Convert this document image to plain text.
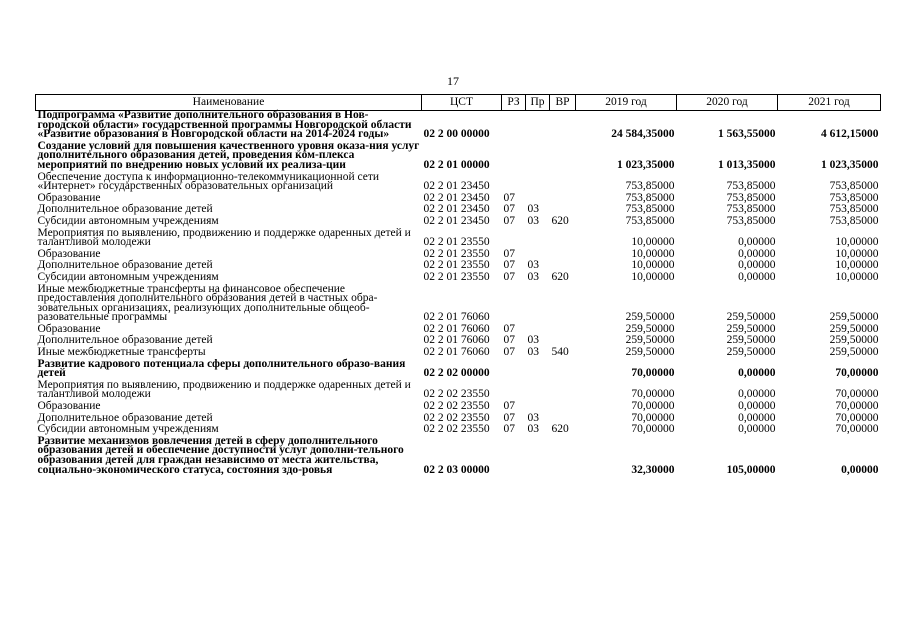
17
Наименование	ЦСТ	РЗ	Пр	ВР	2019 год	2020 год	2021 год
Подпрограмма «Развитие дополнительного образования в Нов-городской области» государственной программы Новгородской области «Развитие образования в Новгородской области на 2014-2024 годы»	02 2 00 00000				24 584,35000	1 563,55000	4 612,15000
Создание условий для повышения качественного уровня оказа-ния услуг дополнительного образования детей, проведения ком-плекса мероприятий по внедрению новых условий их реализа-ции	02 2 01 00000				1 023,35000	1 013,35000	1 023,35000
Обеспечение доступа к информационно-телекоммуникационной сети «Интернет» государственных образовательных организаций	02 2 01 23450				753,85000	753,85000	753,85000
Образование	02 2 01 23450	07			753,85000	753,85000	753,85000
Дополнительное образование детей	02 2 01 23450	07	03		753,85000	753,85000	753,85000
Субсидии автономным учреждениям	02 2 01 23450	07	03	620	753,85000	753,85000	753,85000
Мероприятия по выявлению, продвижению и поддержке одаренных детей и талантливой молодежи	02 2 01 23550				10,00000	0,00000	10,00000
Образование	02 2 01 23550	07			10,00000	0,00000	10,00000
Дополнительное образование детей	02 2 01 23550	07	03		10,00000	0,00000	10,00000
Субсидии автономным учреждениям	02 2 01 23550	07	03	620	10,00000	0,00000	10,00000
Иные межбюджетные трансферты на финансовое обеспечение предоставления дополнительного образования детей в частных обра-зовательных организациях, реализующих дополнительные общеоб-разовательные программы	02 2 01 76060				259,50000	259,50000	259,50000
Образование	02 2 01 76060	07			259,50000	259,50000	259,50000
Дополнительное образование детей	02 2 01 76060	07	03		259,50000	259,50000	259,50000
Иные межбюджетные трансферты	02 2 01 76060	07	03	540	259,50000	259,50000	259,50000
Развитие кадрового потенциала сферы дополнительного образо-вания детей	02 2 02 00000				70,00000	0,00000	70,00000
Мероприятия по выявлению, продвижению и поддержке одаренных детей и талантливой молодежи	02 2 02 23550				70,00000	0,00000	70,00000
Образование	02 2 02 23550	07			70,00000	0,00000	70,00000
Дополнительное образование детей	02 2 02 23550	07	03		70,00000	0,00000	70,00000
Субсидии автономным учреждениям	02 2 02 23550	07	03	620	70,00000	0,00000	70,00000
Развитие механизмов вовлечения детей в сферу дополнительного образования детей и обеспечение доступности услуг дополни-тельного образования детей для граждан независимо от места жительства, социально-экономического статуса, состояния здо-ровья	02 2 03 00000				32,30000	105,00000	0,00000
